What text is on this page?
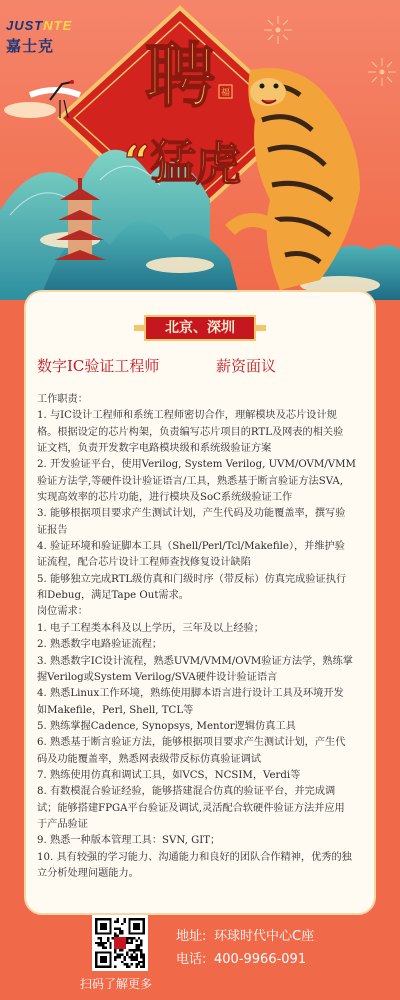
聘
“猛
虎
福
JUSTNTE
嘉士克
北京、深圳
数字IC验证工程师	薪资面议
工作职责：
1. 与IC设计工程师和系统工程师密切合作，理解模块及芯片设计规
格。根据设定的芯片构架，负责编写芯片项目的RTL及网表的相关验
证文档，负责开发数字电路模块级和系统级验证方案
2. 开发验证平台，使用Verilog, System Verilog, UVM/OVM/VMM
验证方法学,等硬件设计验证语言/工具，熟悉基于断言验证方法SVA,
实现高效率的芯片功能，进行模块及SoC系统级验证工作
3. 能够根据项目要求产生测试计划，产生代码及功能覆盖率，撰写验
证报告
4. 验证环境和验证脚本工具（Shell/Perl/Tcl/Makefile），并维护验
证流程，配合芯片设计工程师查找修复设计缺陷
5. 能够独立完成RTL级仿真和门级时序（带反标）仿真完成验证执行
和Debug，满足Tape Out需求。
岗位需求：
1. 电子工程类本科及以上学历，三年及以上经验；
2. 熟悉数字电路验证流程；
3. 熟悉数字IC设计流程，熟悉UVM/VMM/OVM验证方法学，熟练掌
握Verilog或System Verilog/SVA硬件设计验证语言
4. 熟悉Linux工作环境，熟练使用脚本语言进行设计工具及环境开发
如Makefile，Perl, Shell, TCL等
5. 熟练掌握Cadence, Synopsys, Mentor逻辑仿真工具
6. 熟悉基于断言验证方法，能够根据项目要求产生测试计划，产生代
码及功能覆盖率，熟悉网表级带反标仿真验证调试
7. 熟练使用仿真和调试工具，如VCS，NCSIM，Verdi等
8. 有数模混合验证经验，能够搭建混合仿真的验证平台，并完成调
试；能够搭建FPGA平台验证及调试,灵活配合软硬件验证方法并应用
于产品验证
9. 熟悉一种版本管理工具：SVN, GIT；
10. 具有较强的学习能力、沟通能力和良好的团队合作精神，优秀的独
立分析处理问题能力。
扫码了解更多
地址: 环球时代中心C座
电话: 400-9966-091
